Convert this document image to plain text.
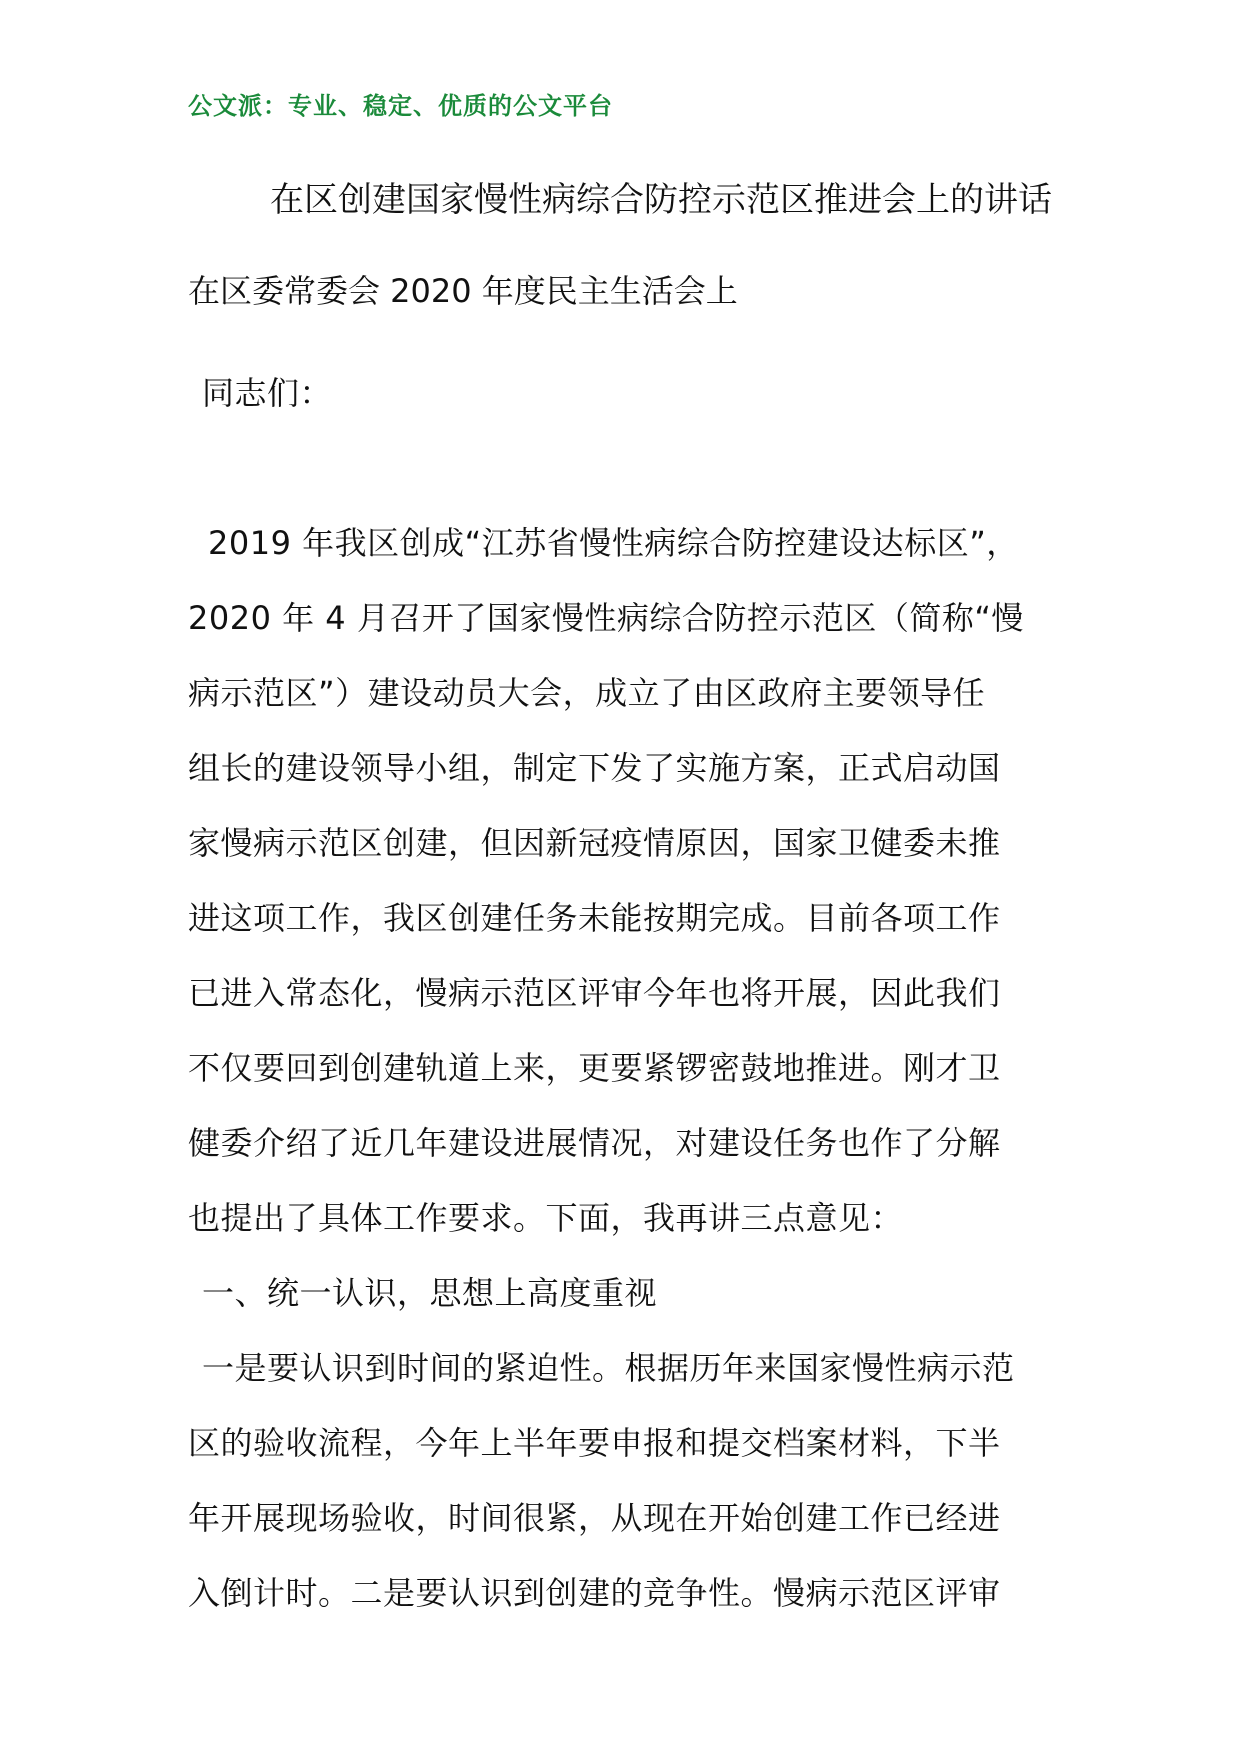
公文派：专业、稳定、优质的公文平台
在区创建国家慢性病综合防控示范区推进会上的讲话
在区委常委会 2020 年度民主生活会上
同志们：
2019 年我区创成“江苏省慢性病综合防控建设达标区”，
2020 年 4 月召开了国家慢性病综合防控示范区（简称“慢
病示范区”）建设动员大会，成立了由区政府主要领导任
组长的建设领导小组，制定下发了实施方案，正式启动国
家慢病示范区创建，但因新冠疫情原因，国家卫健委未推
进这项工作，我区创建任务未能按期完成。目前各项工作
已进入常态化，慢病示范区评审今年也将开展，因此我们
不仅要回到创建轨道上来，更要紧锣密鼓地推进。刚才卫
健委介绍了近几年建设进展情况，对建设任务也作了分解
也提出了具体工作要求。下面，我再讲三点意见：
一、统一认识，思想上高度重视
一是要认识到时间的紧迫性。根据历年来国家慢性病示范
区的验收流程，今年上半年要申报和提交档案材料，下半
年开展现场验收，时间很紧，从现在开始创建工作已经进
入倒计时。二是要认识到创建的竞争性。慢病示范区评审
